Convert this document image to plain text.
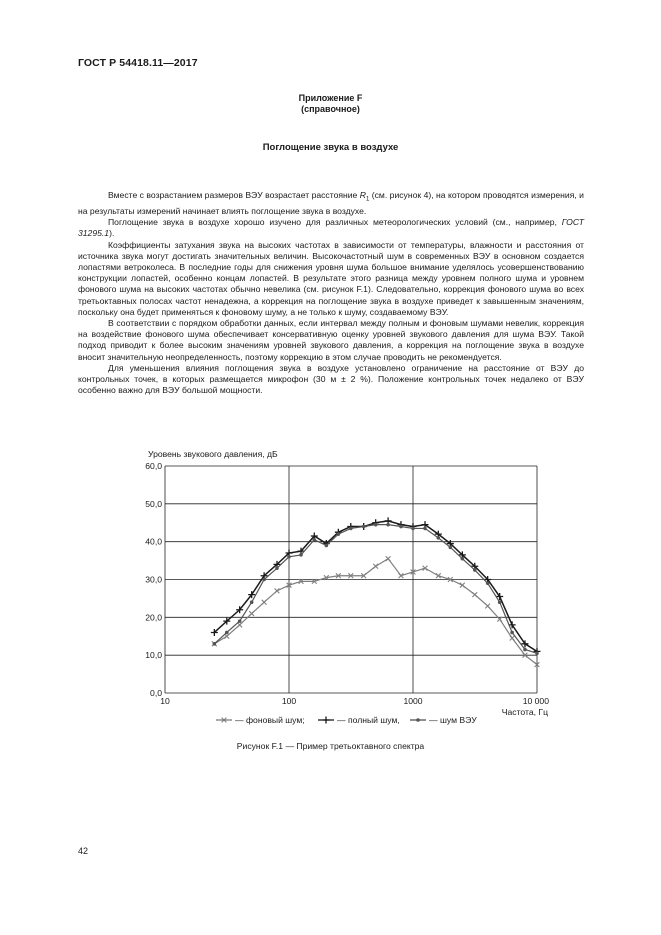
ГОСТ Р 54418.11—2017
Приложение F
(справочное)
Поглощение звука в воздухе

Вместе с возрастанием размеров ВЭУ возрастает расстояние $R_1$ (см. рисунок 4), на котором проводятся измерения, и на результаты измерений начинает влиять поглощение звука в воздухе.

Поглощение звука в воздухе хорошо изучено для различных метеорологических условий (см., например, ГОСТ 31295.1).

Коэффициенты затухания звука на высоких частотах в зависимости от температуры, влажности и расстояния от источника звука могут достигать значительных величин. Высокочастотный шум в современных ВЭУ в основном создается лопастями ветроколеса. В последние годы для снижения уровня шума большое внимание уделялось усовершенствованию конструкции лопастей, особенно концам лопастей. В результате этого разница между уровнем полного шума и уровнем фонового шума на высоких частотах обычно невелика (см. рисунок F.1). Следовательно, коррекция фонового шума во всех третьоктавных полосах частот ненадежна, а коррекция на поглощение звука в воздухе приведет к завышенным значениям, поскольку она будет применяться к фоновому шуму, а не только к шуму, создаваемому ВЭУ.

В соответствии с порядком обработки данных, если интервал между полным и фоновым шумами невелик, коррекция на воздействие фонового шума обеспечивает консервативную оценку уровней звукового давления для шума ВЭУ. Такой подход приводит к более высоким значениям уровней звукового давления, а коррекция на поглощение звука в воздухе вносит значительную неопределенность, поэтому коррекцию в этом случае проводить не рекомендуется.

Для уменьшения влияния поглощения звука в воздухе установлено ограничение на расстояние от ВЭУ до контрольных точек, в которых размещается микрофон (30 м ± 2 %). Положение контрольных точек недалеко от ВЭУ особенно важно для ВЭУ большой мощности.

Уровень звукового давления, дБ
0,0
10,0
20,0
30,0
40,0
50,0
60,0
10	100	1000	10 000
Частота, Гц
— фоновый шум;	— полный шум,	— шум ВЭУ
Рисунок F.1 — Пример третьоктавного спектра
42
